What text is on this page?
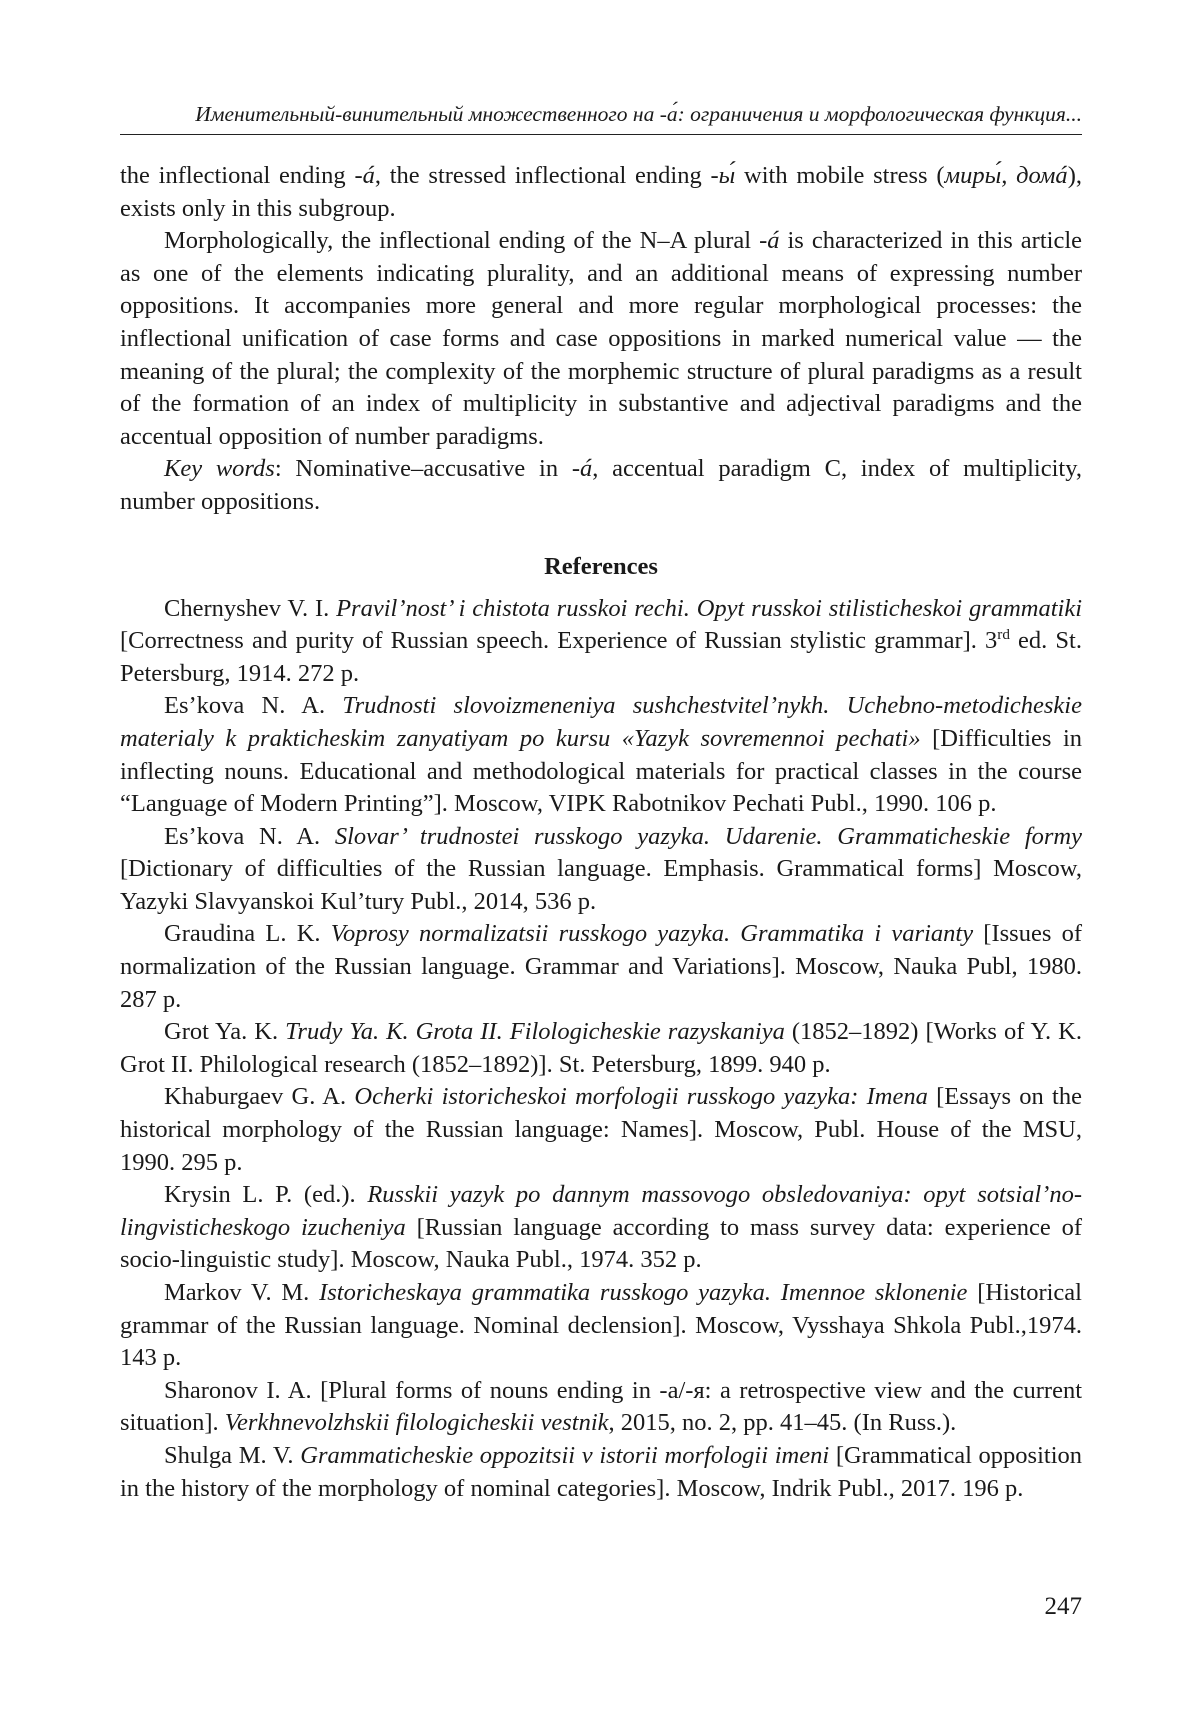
Именительный-винительный множественного на -а́: ограничения и морфологическая функция...

the inflectional ending -á, the stressed inflectional ending -ы́ with mobile stress (миры́, домá), exists only in this subgroup.

Morphologically, the inflectional ending of the N–A plural -á is characterized in this article as one of the elements indicating plurality, and an additional means of expressing number oppositions. It accompanies more general and more regular morphological processes: the inflectional unification of case forms and case oppositions in marked numerical value — the meaning of the plural; the complexity of the morphemic structure of plural paradigms as a result of the formation of an index of multiplicity in substantive and adjectival paradigms and the accentual opposition of number paradigms.

Key words: Nominative–accusative in -á, accentual paradigm C, index of multiplicity, number oppositions.

References

Chernyshev V. I. Pravil’nost’ i chistota russkoi rechi. Opyt russkoi stilisticheskoi grammatiki [Correctness and purity of Russian speech. Experience of Russian stylistic grammar]. 3rd ed. St. Petersburg, 1914. 272 p.

Es’kova N. A. Trudnosti slovoizmeneniya sushchestvitel’nykh. Uchebno-metodicheskie materialy k prakticheskim zanyatiyam po kursu «Yazyk sovremennoi pechati» [Difficulties in inflecting nouns. Educational and methodological materials for practical classes in the course “Language of Modern Printing”]. Moscow, VIPK Rabotnikov Pechati Publ., 1990. 106 p.

Es’kova N. A. Slovar’ trudnostei russkogo yazyka. Udarenie. Grammaticheskie formy [Dictionary of difficulties of the Russian language. Emphasis. Grammatical forms] Moscow, Yazyki Slavyanskoi Kul’tury Publ., 2014, 536 p.

Graudina L. K. Voprosy normalizatsii russkogo yazyka. Grammatika i varianty [Issues of normalization of the Russian language. Grammar and Variations]. Moscow, Nauka Publ, 1980. 287 p.

Grot Ya. K. Trudy Ya. K. Grota II. Filologicheskie razyskaniya (1852–1892) [Works of Y. K. Grot II. Philological research (1852–1892)]. St. Petersburg, 1899. 940 p.

Khaburgaev G. A. Ocherki istoricheskoi morfologii russkogo yazyka: Imena [Essays on the historical morphology of the Russian language: Names]. Moscow, Publ. House of the MSU, 1990. 295 p.

Krysin L. P. (ed.). Russkii yazyk po dannym massovogo obsledovaniya: opyt sotsial’no-lingvisticheskogo izucheniya [Russian language according to mass survey data: experience of socio-linguistic study]. Moscow, Nauka Publ., 1974. 352 p.

Markov V. M. Istoricheskaya grammatika russkogo yazyka. Imennoe sklonenie [Historical grammar of the Russian language. Nominal declension]. Moscow, Vysshaya Shkola Publ.,1974. 143 p.

Sharonov I. A. [Plural forms of nouns ending in -а/-я: a retrospective view and the current situation]. Verkhnevolzhskii filologicheskii vestnik, 2015, no. 2, pp. 41–45. (In Russ.).

Shulga M. V. Grammaticheskie oppozitsii v istorii morfologii imeni [Grammatical opposition in the history of the morphology of nominal categories]. Moscow, Indrik Publ., 2017. 196 p.

247
